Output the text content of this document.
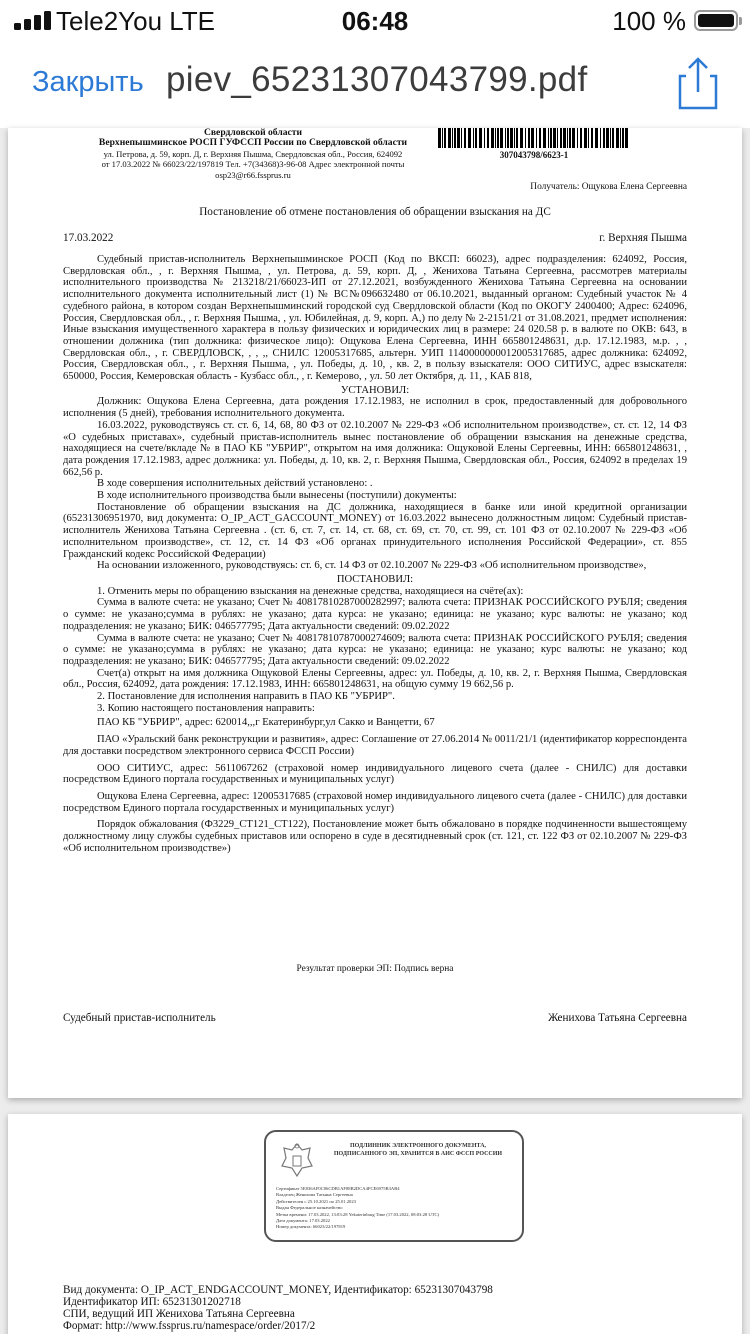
Tele2You LTE	06:48	100 %
Закрыть piev_65231307043799.pdf
Свердловской области
Верхнепышминское РОСП ГУФССП России по Свердловской области
ул. Петрова, д. 59, корп. Д, г. Верхняя Пышма, Свердловская обл., Россия, 624092
от 17.03.2022 № 66023/22/197819 Тел. +7(34368)3-96-08 Адрес электронной почты
osp23@r66.fssprus.ru
307043798/6623-1
Получатель: Ощукова Елена Сергеевна
Постановление об отмене постановления об обращении взыскания на ДС
17.03.2022	г. Верхняя Пышма

Судебный пристав-исполнитель Верхнепышминское РОСП (Код по ВКСП: 66023), адрес подразделения: 624092, Россия, Свердловская обл., , г. Верхняя Пышма, , ул. Петрова, д. 59, корп. Д, , Женихова Татьяна Сергеевна, рассмотрев материалы исполнительного производства № 213218/21/66023-ИП от 27.12.2021, возбужденного Женихова Татьяна Сергеевна на основании исполнительного документа исполнительный лист (1) № ВС№096632480 от 06.10.2021, выданный органом: Судебный участок № 4 судебного района, в котором создан Верхнепышминский городской суд Свердловской области (Код по ОКОГУ 2400400; Адрес: 624096, Россия, Свердловская обл., , г. Верхняя Пышма, , ул. Юбилейная, д. 9, корп. А,) по делу № 2-2151/21 от 31.08.2021, предмет исполнения: Иные взыскания имущественного характера в пользу физических и юридических лиц в размере: 24 020.58 р. в валюте по ОКВ: 643, в отношении должника (тип должника: физическое лицо): Ощукова Елена Сергеевна, ИНН 665801248631, д.р. 17.12.1983, м.р. , , Свердловская обл., , г. СВЕРДЛОВСК, , , ,, СНИЛС 12005317685, альтерн. УИП 114000000001200531768​5, адрес должника: 624092, Россия, Свердловская обл., , г. Верхняя Пышма, , ул. Победы, д. 10, , кв. 2, в пользу взыскателя: ООО СИТИУС, адрес взыскателя: 650000, Россия, Кемеровская область - Кузбасс обл., , г. Кемерово, , ул. 50 лет Октября, д. 11, , КАБ 818,

УСТАНОВИЛ:

Должник: Ощукова Елена Сергеевна, дата рождения 17.12.1983, не исполнил в срок, предоставленный для добровольного исполнения (5 дней), требования исполнительного документа.

16.03.2022, руководствуясь ст. ст. 6, 14, 68, 80 ФЗ от 02.10.2007 № 229-ФЗ «Об исполнительном производстве», ст. ст. 12, 14 ФЗ «О судебных приставах», судебный пристав-исполнитель вынес постановление об обращении взыскания на денежные средства, находящиеся на счете/вкладе № в ПАО КБ "УБРИР", открытом на имя должника: Ощуковой Елены Сергеевны, ИНН: 665801248631, , дата рождения 17.12.1983, адрес должника: ул. Победы, д. 10, кв. 2, г. Верхняя Пышма, Свердловская обл., Россия, 624092 в пределах 19 662,56 р.

В ходе совершения исполнительных действий установлено: .

В ходе исполнительного производства были вынесены (поступили) документы:

Постановление об обращении взыскания на ДС должника, находящиеся в банке или иной кредитной организации (65231306951970, вид документа: O_IP_ACT_GACCOUNT_MONEY) от 16.03.2022 вынесено должностным лицом: Судебный пристав-исполнитель Женихова Татьяна Сергеевна . (ст. 6, ст. 7, ст. 14, ст. 68, ст. 69, ст. 70, ст. 99, ст. 101 ФЗ от 02.10.2007 № 229-ФЗ «Об исполнительном производстве», ст. 12, ст. 14 ФЗ «Об органах принудительного исполнения Российской Федерации», ст. 855 Гражданский кодекс Российской Федерации)

На основании изложенного, руководствуясь: ст. 6, ст. 14 ФЗ от 02.10.2007 № 229-ФЗ «Об исполнительном производстве»,

ПОСТАНОВИЛ:

1. Отменить меры по обращению взыскания на денежные средства, находящиеся на счёте(ах):

Сумма в валюте счета: не указано; Счет № 40817810287000282997; валюта счета: ПРИЗНАК РОССИЙСКОГО РУБЛЯ; сведения о сумме: не указано;сумма в рублях: не указано; дата курса: не указано; единица: не указано; курс валюты: не указано; код подразделения: не указано; БИК: 046577795; Дата актуальности сведений: 09.02.2022

Сумма в валюте счета: не указано; Счет № 40817810787000274609; валюта счета: ПРИЗНАК РОССИЙСКОГО РУБЛЯ; сведения о сумме: не указано;сумма в рублях: не указано; дата курса: не указано; единица: не указано; курс валюты: не указано; код подразделения: не указано; БИК: 046577795; Дата актуальности сведений: 09.02.2022

Счет(а) открыт на имя должника Ощуковой Елены Сергеевны, адрес: ул. Победы, д. 10, кв. 2, г. Верхняя Пышма, Свердловская обл., Россия, 624092, дата рождения: 17.12.1983, ИНН: 665801248631, на общую сумму 19 662,56 р.

2. Постановление для исполнения направить в ПАО КБ "УБРИР".

3. Копию настоящего постановления направить:

ПАО КБ "УБРИР", адрес: 620014,,,г Екатеринбург,ул Сакко и Ванцетти, 67

ПАО «Уральский банк реконструкции и развития», адрес: Соглашение от 27.06.2014 № 0011/21/1 (идентификатор корреспондента для доставки посредством электронного сервиса ФССП России)

ООО СИТИУС, адрес: 5611067262 (страховой номер индивидуального лицевого счета (далее - СНИЛС) для доставки посредством Единого портала государственных и муниципальных услуг)

Ощукова Елена Сергеевна, адрес: 12005317685 (страховой номер индивидуального лицевого счета (далее - СНИЛС) для доставки посредством Единого портала государственных и муниципальных услуг)

Порядок обжалования (Ф3229_СТ121_СТ122), Постановление может быть обжаловано в порядке подчиненности вышестоящему должностному лицу службы судебных приставов или оспорено в суде в десятидневный срок (ст. 121, ст. 122 ФЗ от 02.10.2007 № 229-ФЗ «Об исполнительном производстве»)

Результат проверки ЭП: Подпись верна
Судебный пристав-исполнитель	Женихова Татьяна Сергеевна
ПОДЛИННИК ЭЛЕКТРОННОГО ДОКУМЕНТА, ПОДПИСАННОГО ЭП, ХРАНИТСЯ В АИС ФССП РОССИИ
Сертификат 5E836AF0C06CDB1AF88B2DCA4FCE6975B3AB4
Владелец Женихова Татьяна Сергеевна
Действителен с 25.10.2021 по 25.01.2023
Выдан Федеральное казначейство
Метка времени: 17.03.2022, 13:03:28 Yekaterinburg Time (17.03.2022, 08:03:28 UTC)
Дата документа: 17.03.2022
Номер документа: 66023/22/197819
Вид документа: O_IP_ACT_ENDGACCOUNT_MONEY, Идентификатор: 65231307043798
Идентификатор ИП: 65231301202718
СПИ, ведущий ИП Женихова Татьяна Сергеевна
Формат: http://www.fssprus.ru/namespace/order/2017/2
